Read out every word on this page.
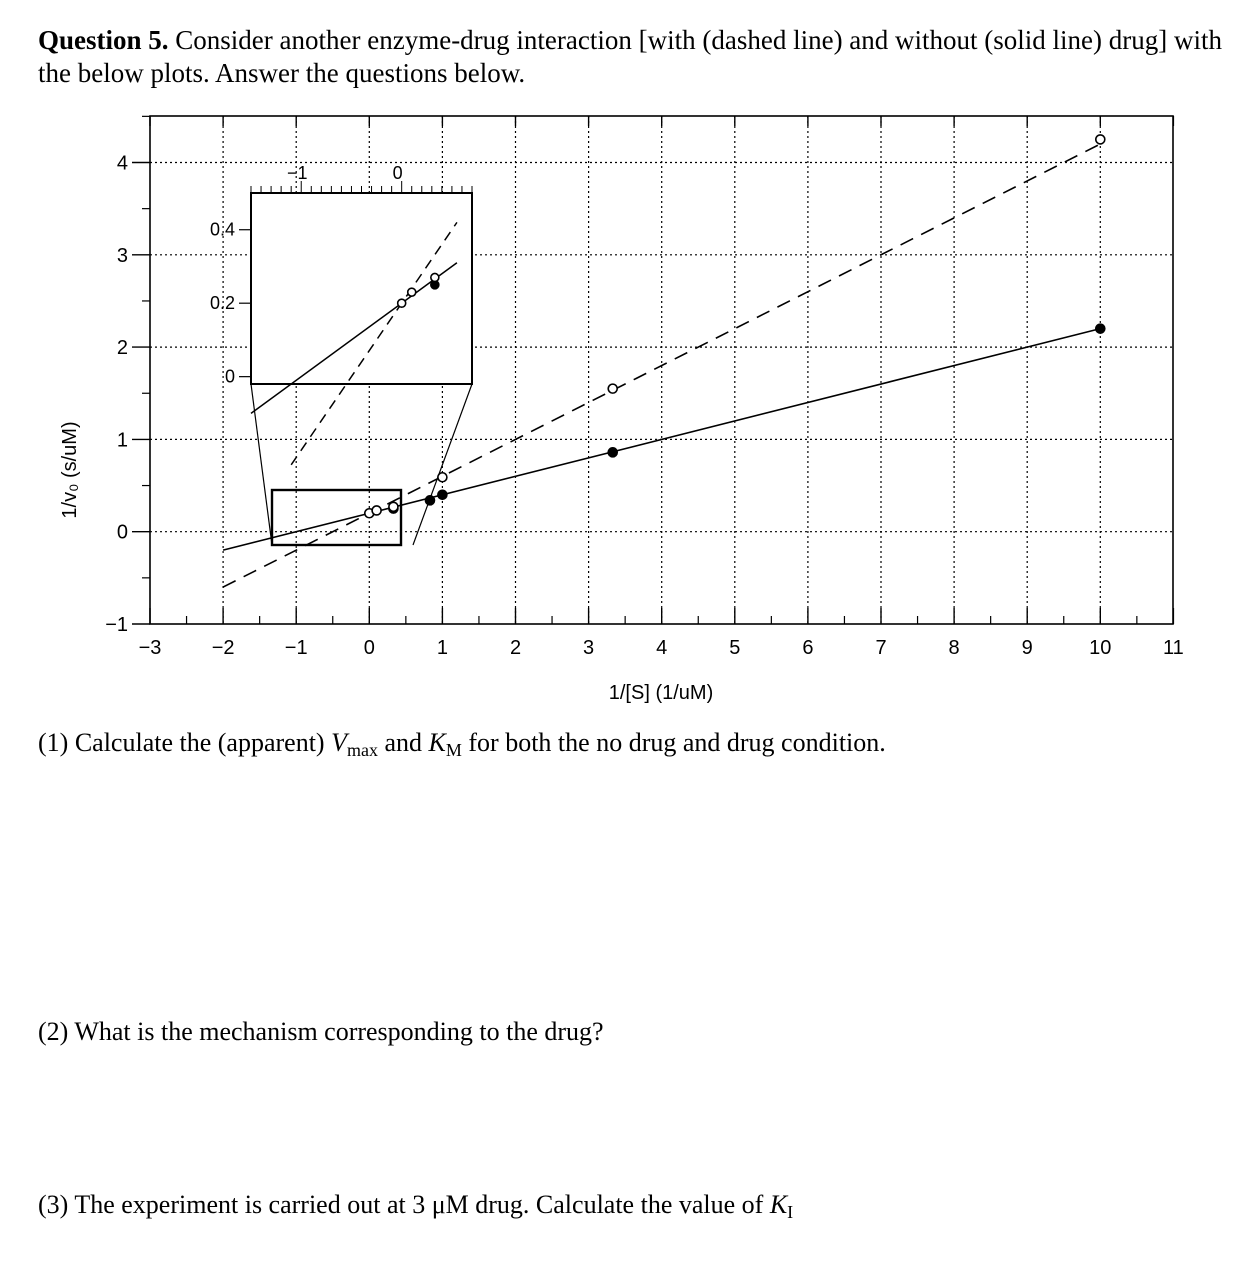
Question 5. Consider another enzyme-drug interaction [with (dashed line) and without (solid line) drug] with the below plots. Answer the questions below.
−1	0
0.4
0.2
0
−3	−2	−1	0	1	2	3	4	5	6	7	8	9	10	11
−1
0
1
2
3
4
1/[S] (1/uM)
1/v₀ (s/uM)
(1) Calculate the (apparent) $V_{max}$ and $K_M$ for both the no drug and drug condition.
(2) What is the mechanism corresponding to the drug?
(3) The experiment is carried out at 3 μM drug. Calculate the value of $K_I$
